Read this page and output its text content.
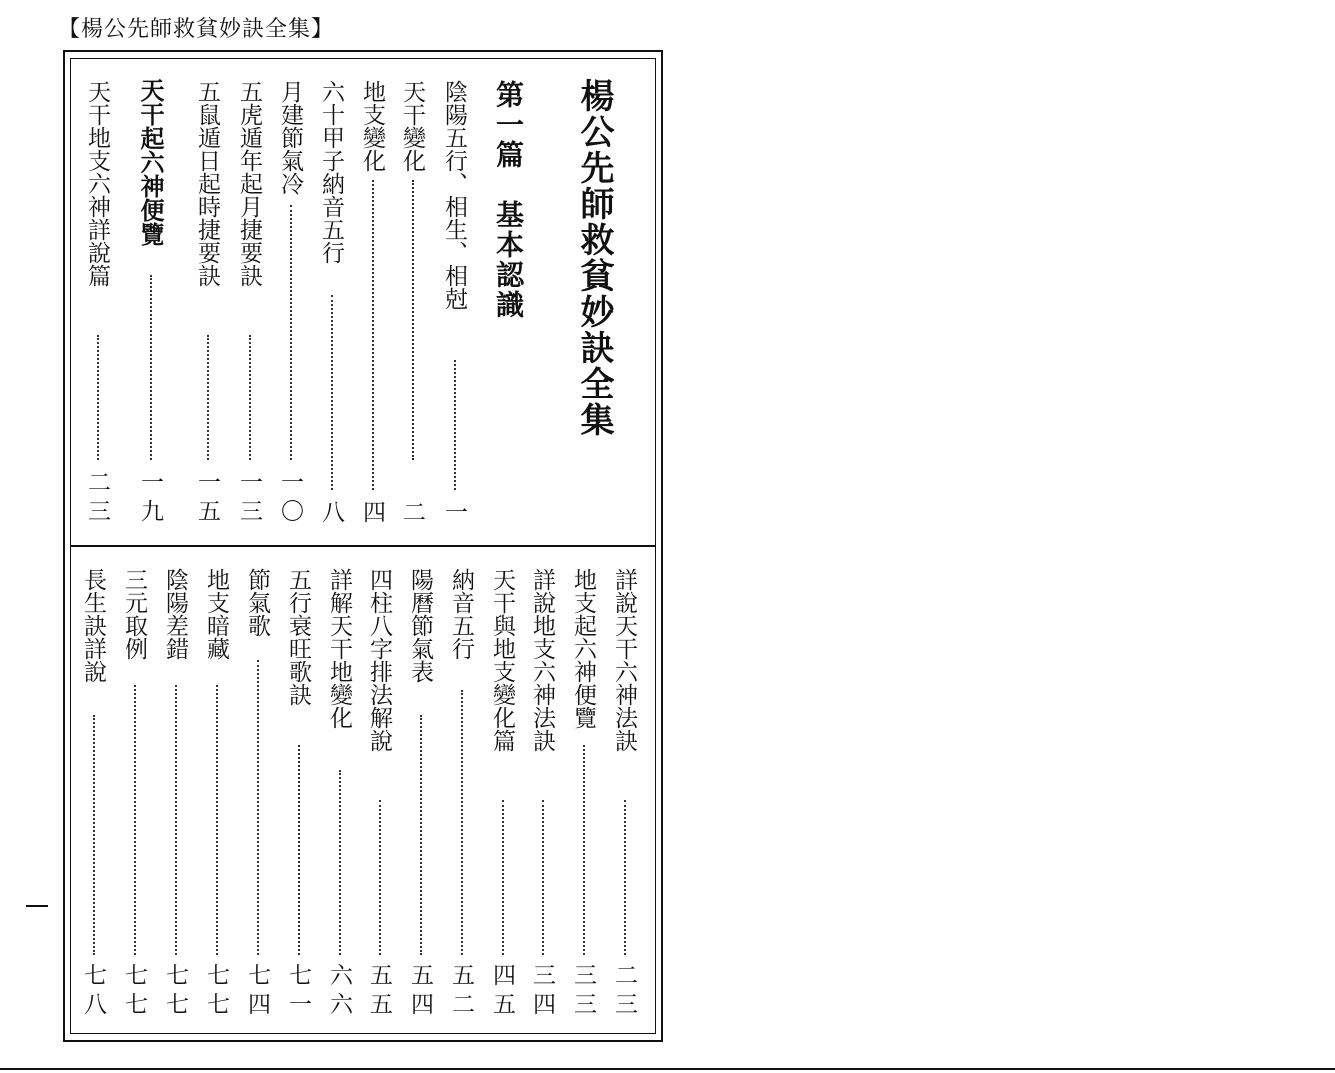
【楊公先師救貧妙訣全集】
楊公先師救貧妙訣全集
第一篇　基本認識
陰陽五行、相生、相尅
一
天干變化
二
地支變化
四
六十甲子納音五行
八
月建節氣冷
一〇
五虎遁年起月捷要訣
一三
五鼠遁日起時捷要訣
一五
天干起六神便覽
一九
天干地支六神詳說篇
二三
詳說天干六神法訣
二三
地支起六神便覽
三三
詳說地支六神法訣
三四
天干與地支變化篇
四五
納音五行
五二
陽曆節氣表
五四
四柱八字排法解說
五五
詳解天干地變化
六六
五行衰旺歌訣
七一
節氣歌
七四
地支暗藏
七七
陰陽差錯
七七
三元取例
七七
長生訣詳說
七八
